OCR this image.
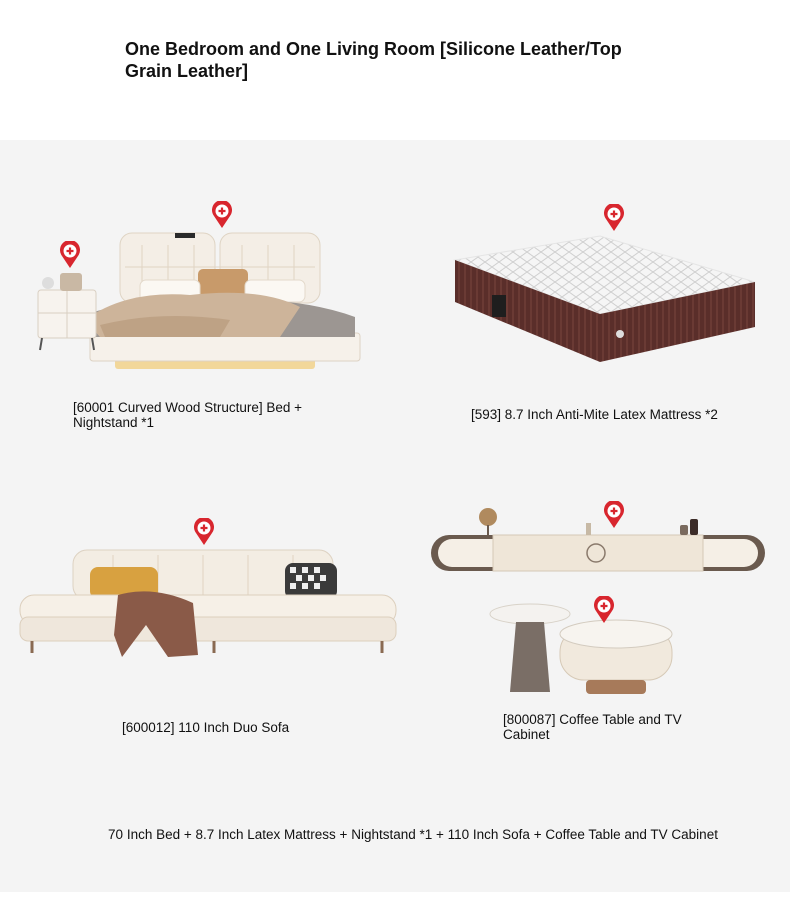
One Bedroom and One Living Room [Silicone Leather/Top Grain Leather]
[60001 Curved Wood Structure] Bed + Nightstand *1
[593] 8.7 Inch Anti-Mite Latex Mattress *2
[600012] 110 Inch Duo Sofa
[800087] Coffee Table and TV Cabinet
70 Inch Bed + 8.7 Inch Latex Mattress + Nightstand *1 + 110 Inch Sofa + Coffee Table and TV Cabinet
